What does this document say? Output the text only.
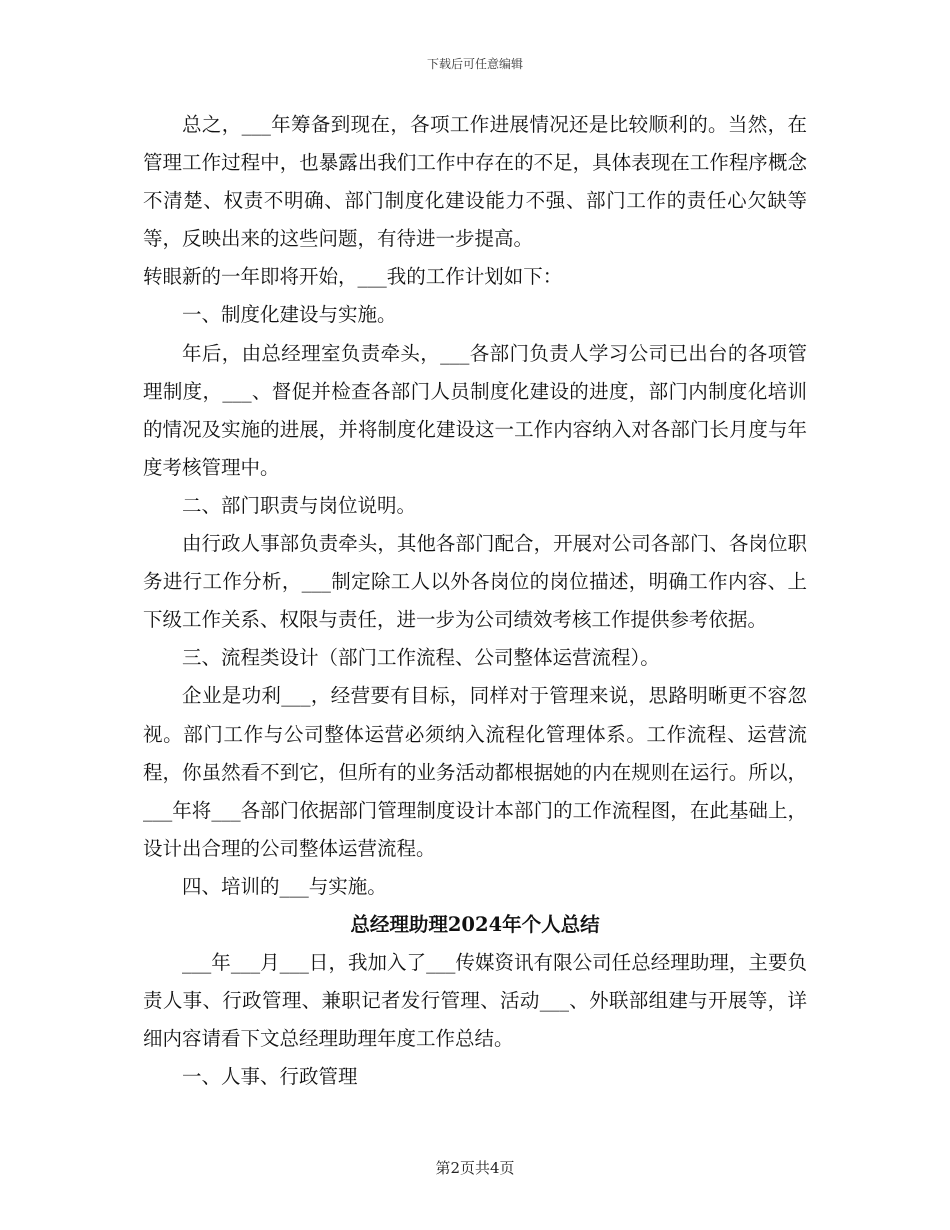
下载后可任意编辑

总之，___年筹备到现在，各项工作进展情况还是比较顺利的。当然，在管理工作过程中，也暴露出我们工作中存在的不足，具体表现在工作程序概念不清楚、权责不明确、部门制度化建设能力不强、部门工作的责任心欠缺等等，反映出来的这些问题，有待进一步提高。

转眼新的一年即将开始，___我的工作计划如下：

一、制度化建设与实施。

年后，由总经理室负责牵头，___各部门负责人学习公司已出台的各项管理制度，___、督促并检查各部门人员制度化建设的进度，部门内制度化培训的情况及实施的进展，并将制度化建设这一工作内容纳入对各部门长月度与年度考核管理中。

二、部门职责与岗位说明。

由行政人事部负责牵头，其他各部门配合，开展对公司各部门、各岗位职务进行工作分析，___制定除工人以外各岗位的岗位描述，明确工作内容、上下级工作关系、权限与责任，进一步为公司绩效考核工作提供参考依据。

三、流程类设计（部门工作流程、公司整体运营流程）。

企业是功利___，经营要有目标，同样对于管理来说，思路明晰更不容忽视。部门工作与公司整体运营必须纳入流程化管理体系。工作流程、运营流程，你虽然看不到它，但所有的业务活动都根据她的内在规则在运行。所以，___年将___各部门依据部门管理制度设计本部门的工作流程图，在此基础上，设计出合理的公司整体运营流程。

四、培训的___与实施。

总经理助理2024年个人总结

___年___月___日，我加入了___传媒资讯有限公司任总经理助理，主要负责人事、行政管理、兼职记者发行管理、活动___、外联部组建与开展等，详细内容请看下文总经理助理年度工作总结。

一、人事、行政管理

第2页共4页
